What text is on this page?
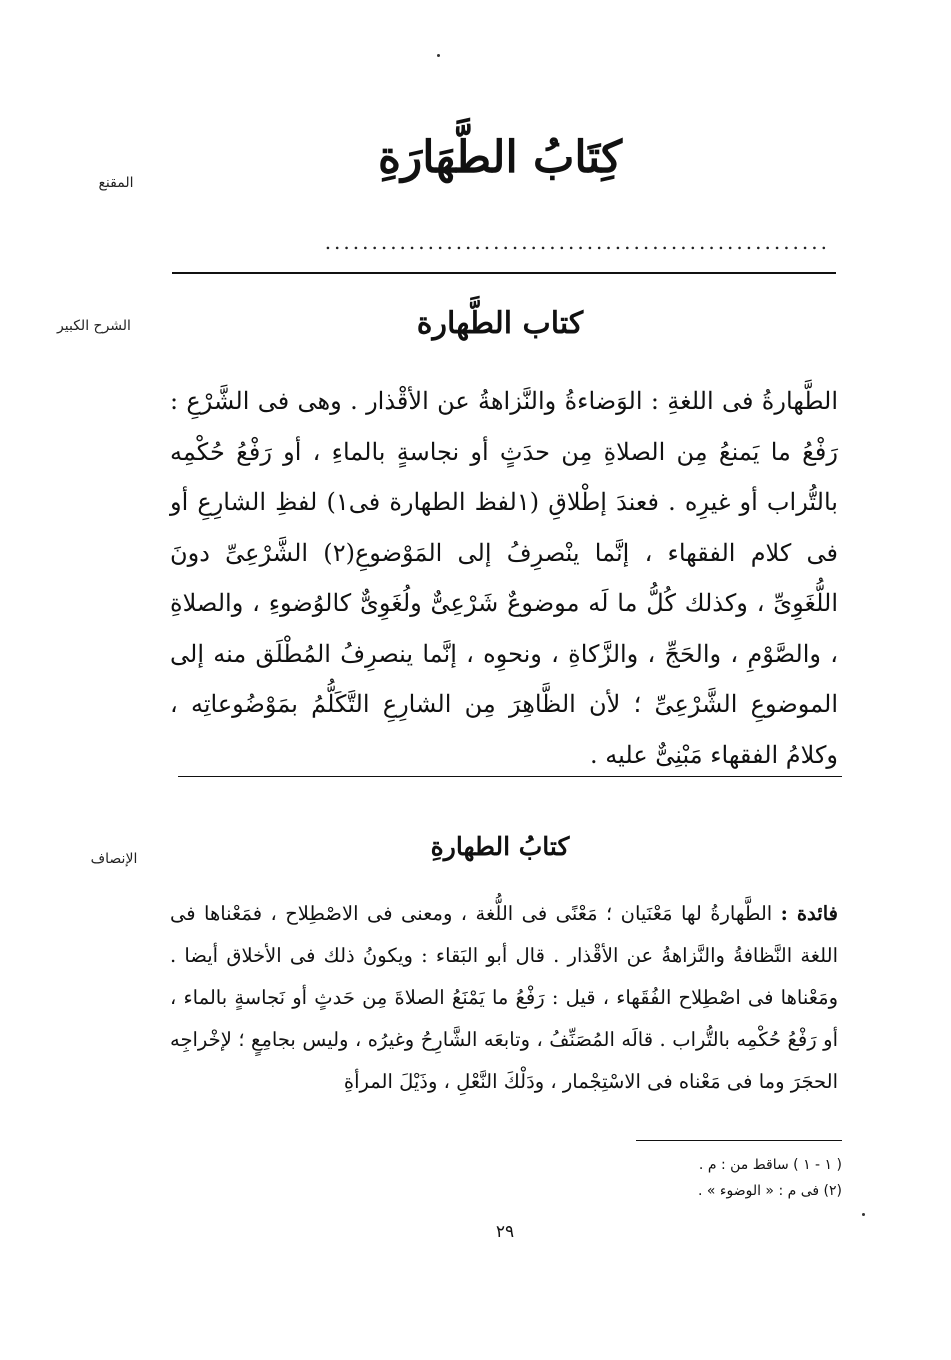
المقنع
الشرح الكبير
الإنصاف
كِتَابُ الطَّهَارَةِ
......................................................
كتاب الطَّهارة

الطَّهارةُ فى اللغةِ : الوَضاءةُ والنَّزاهةُ عن الأقْذار . وهى فى الشَّرْعِ : رَفْعُ ما يَمنعُ مِن الصلاةِ مِن حدَثٍ أو نجاسةٍ بالماءِ ، أو رَفْعُ حُكْمِه بالتُّراب أو غيرِه . فعندَ إطْلاقِ (١لفظ الطهارة فى١) لفظِ الشارِعِ أو فى كلام الفقهاء ، إنَّما ينْصرِفُ إلى المَوْضوعِ(٢) الشَّرْعِىِّ دونَ اللُّغَوِىِّ ، وكذلك كُلُّ ما لَه موضوعٌ شَرْعِىٌّ ولُغَوِىٌّ كالوُضوءِ ، والصلاةِ ، والصَّوْمِ ، والحَجِّ ، والزَّكاةِ ، ونحوِه ، إنَّما ينصرِفُ المُطْلَق منه إلى الموضوعِ الشَّرْعِىِّ ؛ لأن الظَّاهِرَ مِن الشارِعِ التَّكَلُّمُ بمَوْضُوعاتِه ، وكلامُ الفقهاء مَبْنِىٌّ عليه .

كتابُ الطهارةِ

فائدة : الطَّهارةُ لها مَعْنَيان ؛ مَعْنًى فى اللُّغة ، ومعنى فى الاصْطِلاح ، فمَعْناها فى اللغة النَّظافةُ والنَّزاهةُ عن الأقْذار . قال أبو البَقاء : ويكونُ ذلك فى الأخلاق أيضا . ومَعْناها فى اصْطِلاح الفُقَهاء ، قيل : رَفْعُ ما يَمْنَعُ الصلاةَ مِن حَدثٍ أو نَجاسةٍ بالماء ، أو رَفْعُ حُكْمِه بالتُّراب . قالَه المُصَنِّفُ ، وتابعَه الشَّارِحُ وغيرُه ، وليس بجامِعٍ ؛ لإخْراجِه الحجَرَ وما فى مَعْناه فى الاسْتِجْمار ، ودَلْكَ النَّعْلِ ، وذَيْلَ المرأةِ

( ١ - ١ ) ساقط من : م .
(٢) فى م : « الوضوء » .
٢٩
